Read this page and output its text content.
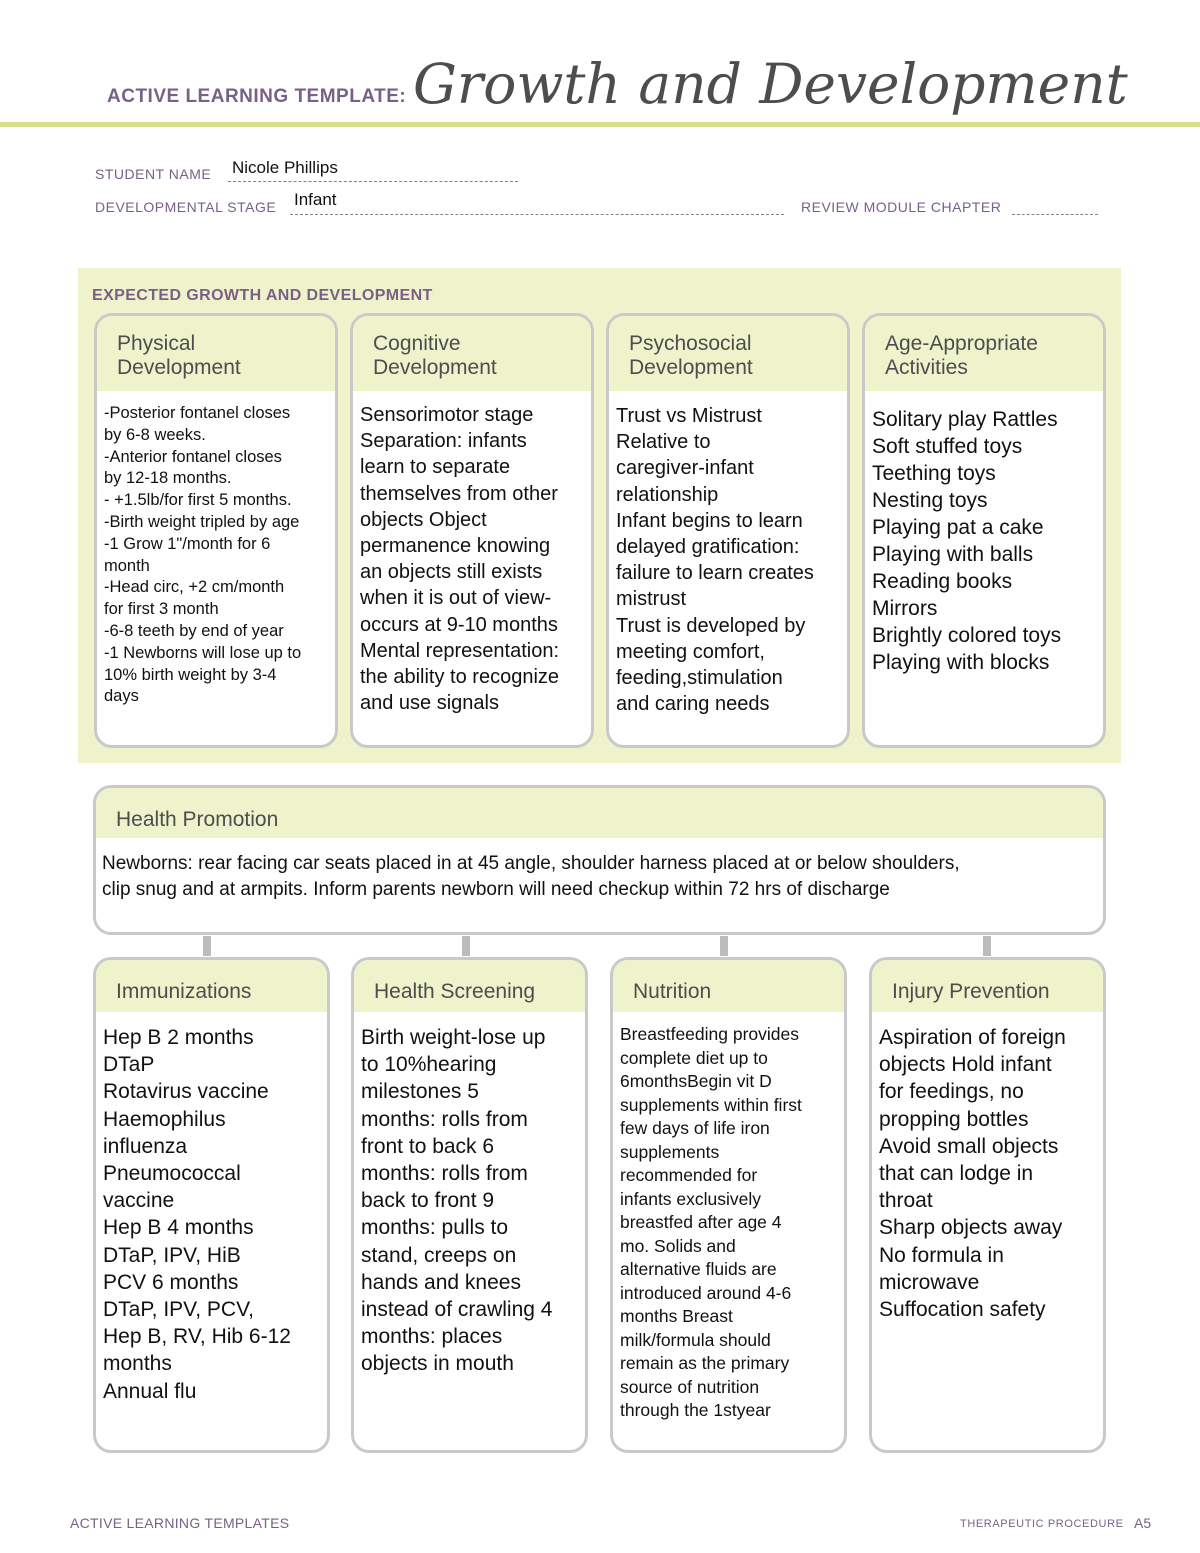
ACTIVE LEARNING TEMPLATE: Growth and Development
STUDENT NAME Nicole Phillips
DEVELOPMENTAL STAGE Infant	REVIEW MODULE CHAPTER
EXPECTED GROWTH AND DEVELOPMENT
Physical
Development
-Posterior fontanel closes
by 6-8 weeks.
-Anterior fontanel closes
by 12-18 months.
- +1.5lb/for first 5 months.
-Birth weight tripled by age
-1 Grow 1"/month for 6
month
-Head circ, +2 cm/month
for first 3 month
-6-8 teeth by end of year
-1 Newborns will lose up to
10% birth weight by 3-4
days
Cognitive
Development
Sensorimotor stage
Separation: infants
learn to separate
themselves from other
objects Object
permanence knowing
an objects still exists
when it is out of view-
occurs at 9-10 months
Mental representation:
the ability to recognize
and use signals
Psychosocial
Development
Trust vs Mistrust
Relative to
caregiver-infant
relationship
Infant begins to learn
delayed gratification:
failure to learn creates
mistrust
Trust is developed by
meeting comfort,
feeding,stimulation
and caring needs
Age-Appropriate
Activities
Solitary play Rattles
Soft stuffed toys
Teething toys
Nesting toys
Playing pat a cake
Playing with balls
Reading books
Mirrors
Brightly colored toys
Playing with blocks
Health Promotion
Newborns: rear facing car seats placed in at 45 angle, shoulder harness placed at or below shoulders,
clip snug and at armpits. Inform parents newborn will need checkup within 72 hrs of discharge
Immunizations
Hep B 2 months
DTaP
Rotavirus vaccine
Haemophilus
influenza
Pneumococcal
vaccine
Hep B 4 months
DTaP, IPV, HiB
PCV 6 months
DTaP, IPV, PCV,
Hep B, RV, Hib 6-12
months
Annual flu
Health Screening
Birth weight-lose up
to 10%hearing
milestones 5
months: rolls from
front to back 6
months: rolls from
back to front 9
months: pulls to
stand, creeps on
hands and knees
instead of crawling 4
months: places
objects in mouth
Nutrition
Breastfeeding provides
complete diet up to
6monthsBegin vit D
supplements within first
few days of life iron
supplements
recommended for
infants exclusively
breastfed after age 4
mo. Solids and
alternative fluids are
introduced around 4-6
months Breast
milk/formula should
remain as the primary
source of nutrition
through the 1styear
Injury Prevention
Aspiration of foreign
objects Hold infant
for feedings, no
propping bottles
Avoid small objects
that can lodge in
throat
Sharp objects away
No formula in
microwave
Suffocation safety
ACTIVE LEARNING TEMPLATES	THERAPEUTIC PROCEDURE A5
